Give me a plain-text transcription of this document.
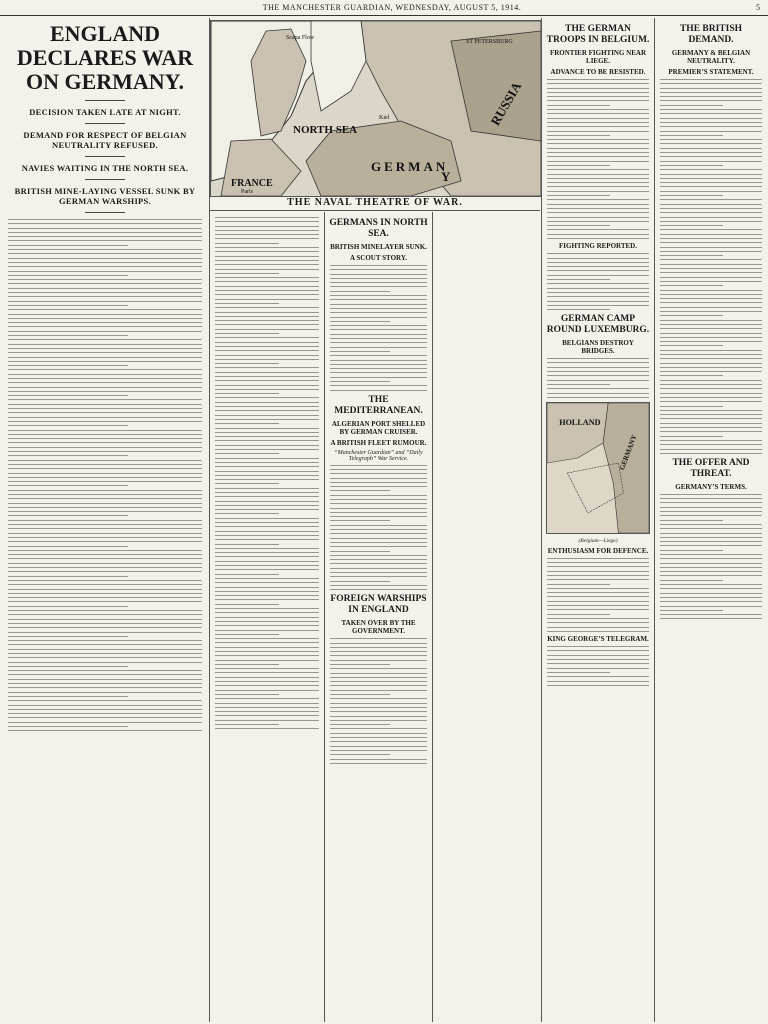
THE MANCHESTER GUARDIAN, WEDNESDAY, AUGUST 5, 1914.	5
ENGLAND DECLARES WAR ON GERMANY.
DECISION TAKEN LATE AT NIGHT.
DEMAND FOR RESPECT OF BELGIAN NEUTRALITY REFUSED.
NAVIES WAITING IN THE NORTH SEA.
BRITISH MINE-LAYING VESSEL SUNK BY GERMAN WARSHIPS.
NORTH SEA
GERMAN
Y
FRANCE
RUSSIA
ST PETERSBURG
Scapa Flow
Kiel
Paris
THE NAVAL THEATRE OF WAR.
GERMANS IN NORTH SEA.
BRITISH MINELAYER SUNK.
A SCOUT STORY.
THE MEDITERRANEAN.
ALGERIAN PORT SHELLED BY GERMAN CRUISER.
A BRITISH FLEET RUMOUR.
“Manchester Guardian” and “Daily Telegraph” War Service.
FOREIGN WARSHIPS IN ENGLAND
TAKEN OVER BY THE GOVERNMENT.
THE GERMAN TROOPS IN BELGIUM.
FRONTIER FIGHTING NEAR LIEGE.
ADVANCE TO BE RESISTED.
FIGHTING REPORTED.
GERMAN CAMP ROUND LUXEMBURG.
BELGIANS DESTROY BRIDGES.
HOLLAND
GERMANY
(Belgium—Liege)
ENTHUSIASM FOR DEFENCE.
KING GEORGE’S TELEGRAM.
THE BRITISH DEMAND.
GERMANY & BELGIAN NEUTRALITY.
PREMIER’S STATEMENT.
THE OFFER AND THREAT.
GERMANY’S TERMS.
